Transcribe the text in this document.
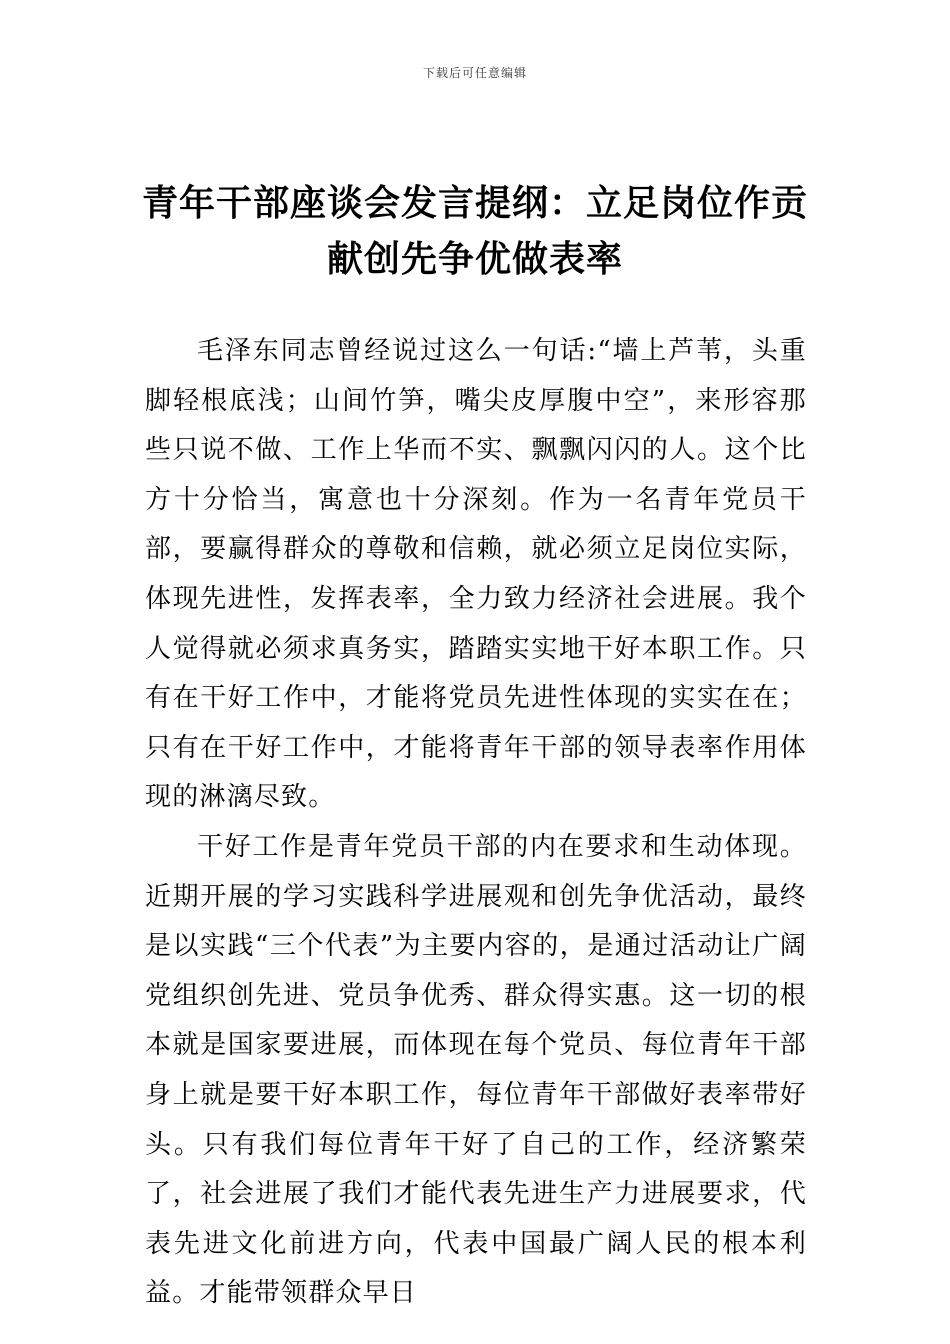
下载后可任意编辑
青年干部座谈会发言提纲：立足岗位作贡
献创先争优做表率

毛泽东同志曾经说过这么一句话:“墙上芦苇，头重脚轻根底浅；山间竹笋，嘴尖皮厚腹中空”，来形容那些只说不做、工作上华而不实、飘飘闪闪的人。这个比方十分恰当，寓意也十分深刻。作为一名青年党员干部，要赢得群众的尊敬和信赖，就必须立足岗位实际，体现先进性，发挥表率，全力致力经济社会进展。我个人觉得就必须求真务实，踏踏实实地干好本职工作。只有在干好工作中，才能将党员先进性体现的实实在在；只有在干好工作中，才能将青年干部的领导表率作用体现的淋漓尽致。

干好工作是青年党员干部的内在要求和生动体现。近期开展的学习实践科学进展观和创先争优活动，最终是以实践“三个代表”为主要内容的，是通过活动让广阔党组织创先进、党员争优秀、群众得实惠。这一切的根本就是国家要进展，而体现在每个党员、每位青年干部身上就是要干好本职工作，每位青年干部做好表率带好头。只有我们每位青年干好了自己的工作，经济繁荣了，社会进展了我们才能代表先进生产力进展要求，代表先进文化前进方向，代表中国最广阔人民的根本利益。才能带领群众早日
